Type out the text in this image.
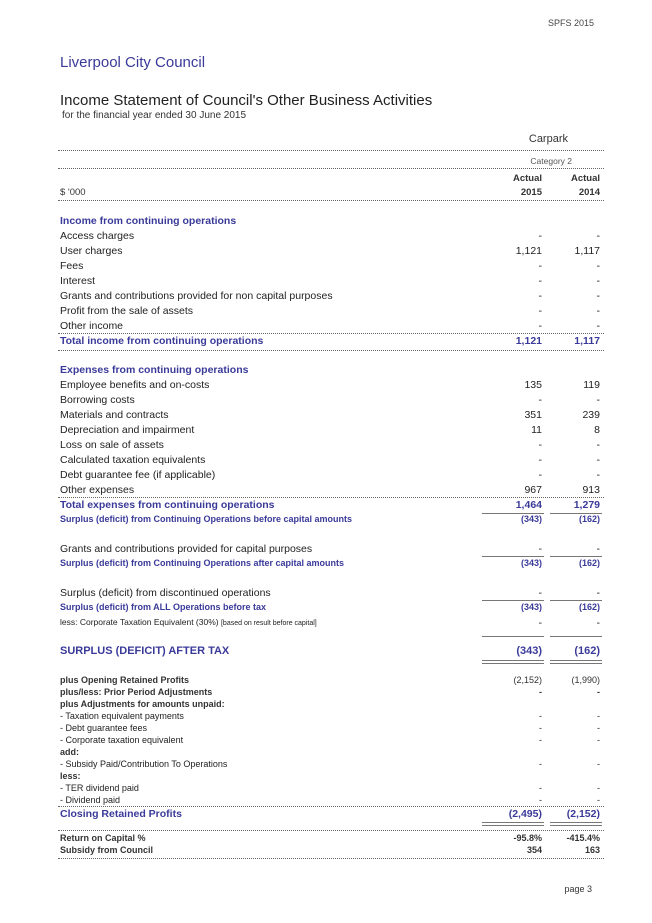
SPFS 2015
Liverpool City Council
Income Statement of Council's Other Business Activities
for the financial year ended 30 June 2015
Carpark
Category 2
Actual	Actual
2015	2014
$ '000
Income from continuing operations
Access charges	-	-
User charges	1,121	1,117
Fees	-	-
Interest	-	-
Grants and contributions provided for non capital purposes	-	-
Profit from the sale of assets	-	-
Other income	-	-
Total income from continuing operations	1,121	1,117
Expenses from continuing operations
Employee benefits and on-costs	135	119
Borrowing costs	-	-
Materials and contracts	351	239
Depreciation and impairment	11	8
Loss on sale of assets	-	-
Calculated taxation equivalents	-	-
Debt guarantee fee (if applicable)	-	-
Other expenses	967	913
Total expenses from continuing operations	1,464	1,279
Surplus (deficit) from Continuing Operations before capital amounts	(343)	(162)
Grants and contributions provided for capital purposes	-	-
Surplus (deficit) from Continuing Operations after capital amounts	(343)	(162)
Surplus (deficit) from discontinued operations	-	-
Surplus (deficit) from ALL Operations before tax	(343)	(162)
less: Corporate Taxation Equivalent (30%) [based on result before capital]	-	-
SURPLUS (DEFICIT) AFTER TAX	(343)	(162)
plus Opening Retained Profits	(2,152)	(1,990)
plus/less: Prior Period Adjustments	-	-
plus Adjustments for amounts unpaid:
- Taxation equivalent payments	-	-
- Debt guarantee fees	-	-
- Corporate taxation equivalent	-	-
add:
- Subsidy Paid/Contribution To Operations	-	-
less:
- TER dividend paid	-	-
- Dividend paid	-	-
Closing Retained Profits	(2,495)	(2,152)
Return on Capital %	-95.8%	-415.4%
Subsidy from Council	354	163
page 3
